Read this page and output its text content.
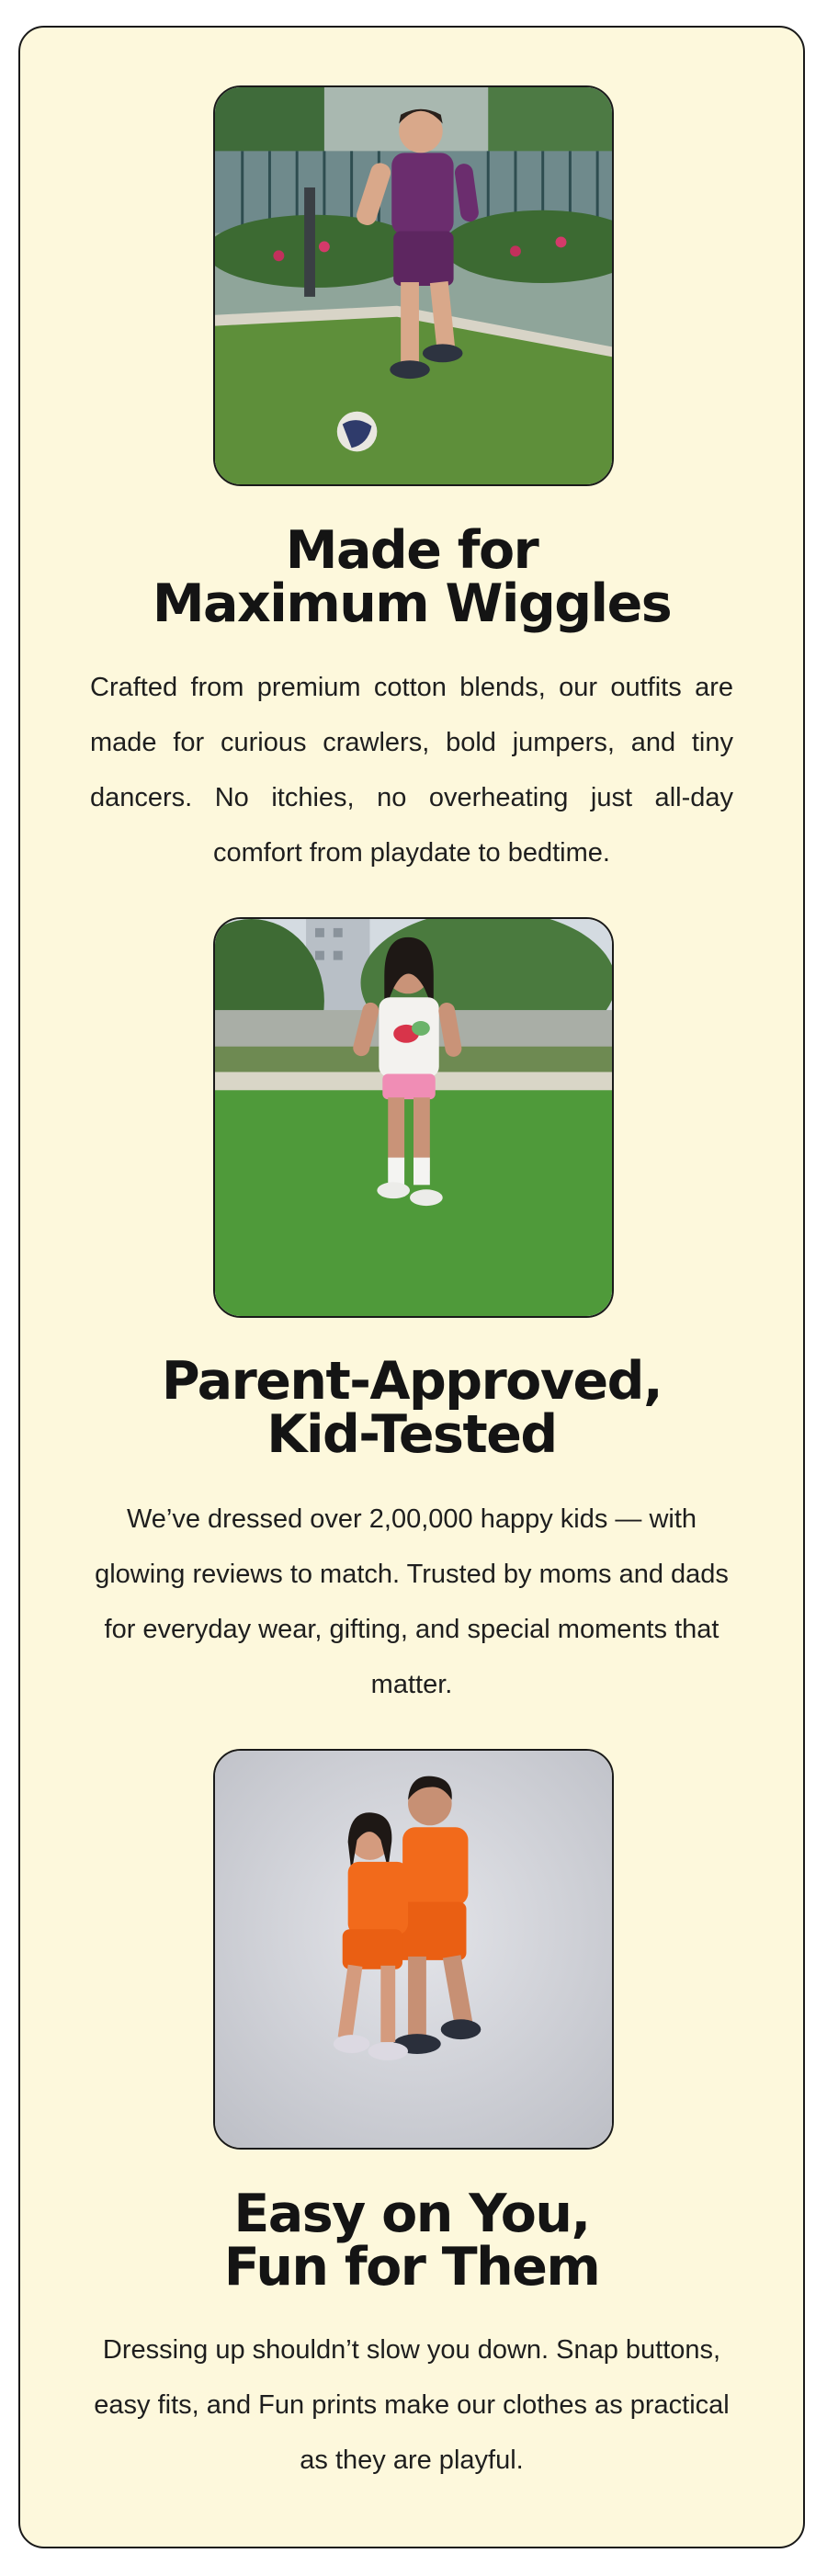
Made for
Maximum Wiggles

Crafted from premium cotton blends, our outfits are made for curious crawlers, bold jumpers, and tiny dancers. No itchies, no overheating just all-day comfort from playdate to bedtime.

Parent-Approved,
Kid-Tested

We’ve dressed over 2,00,000 happy kids — with glowing reviews to match. Trusted by moms and dads for everyday wear, gifting, and special moments that matter.

Easy on You,
Fun for Them

Dressing up shouldn’t slow you down. Snap buttons, easy fits, and Fun prints make our clothes as practical as they are playful.
